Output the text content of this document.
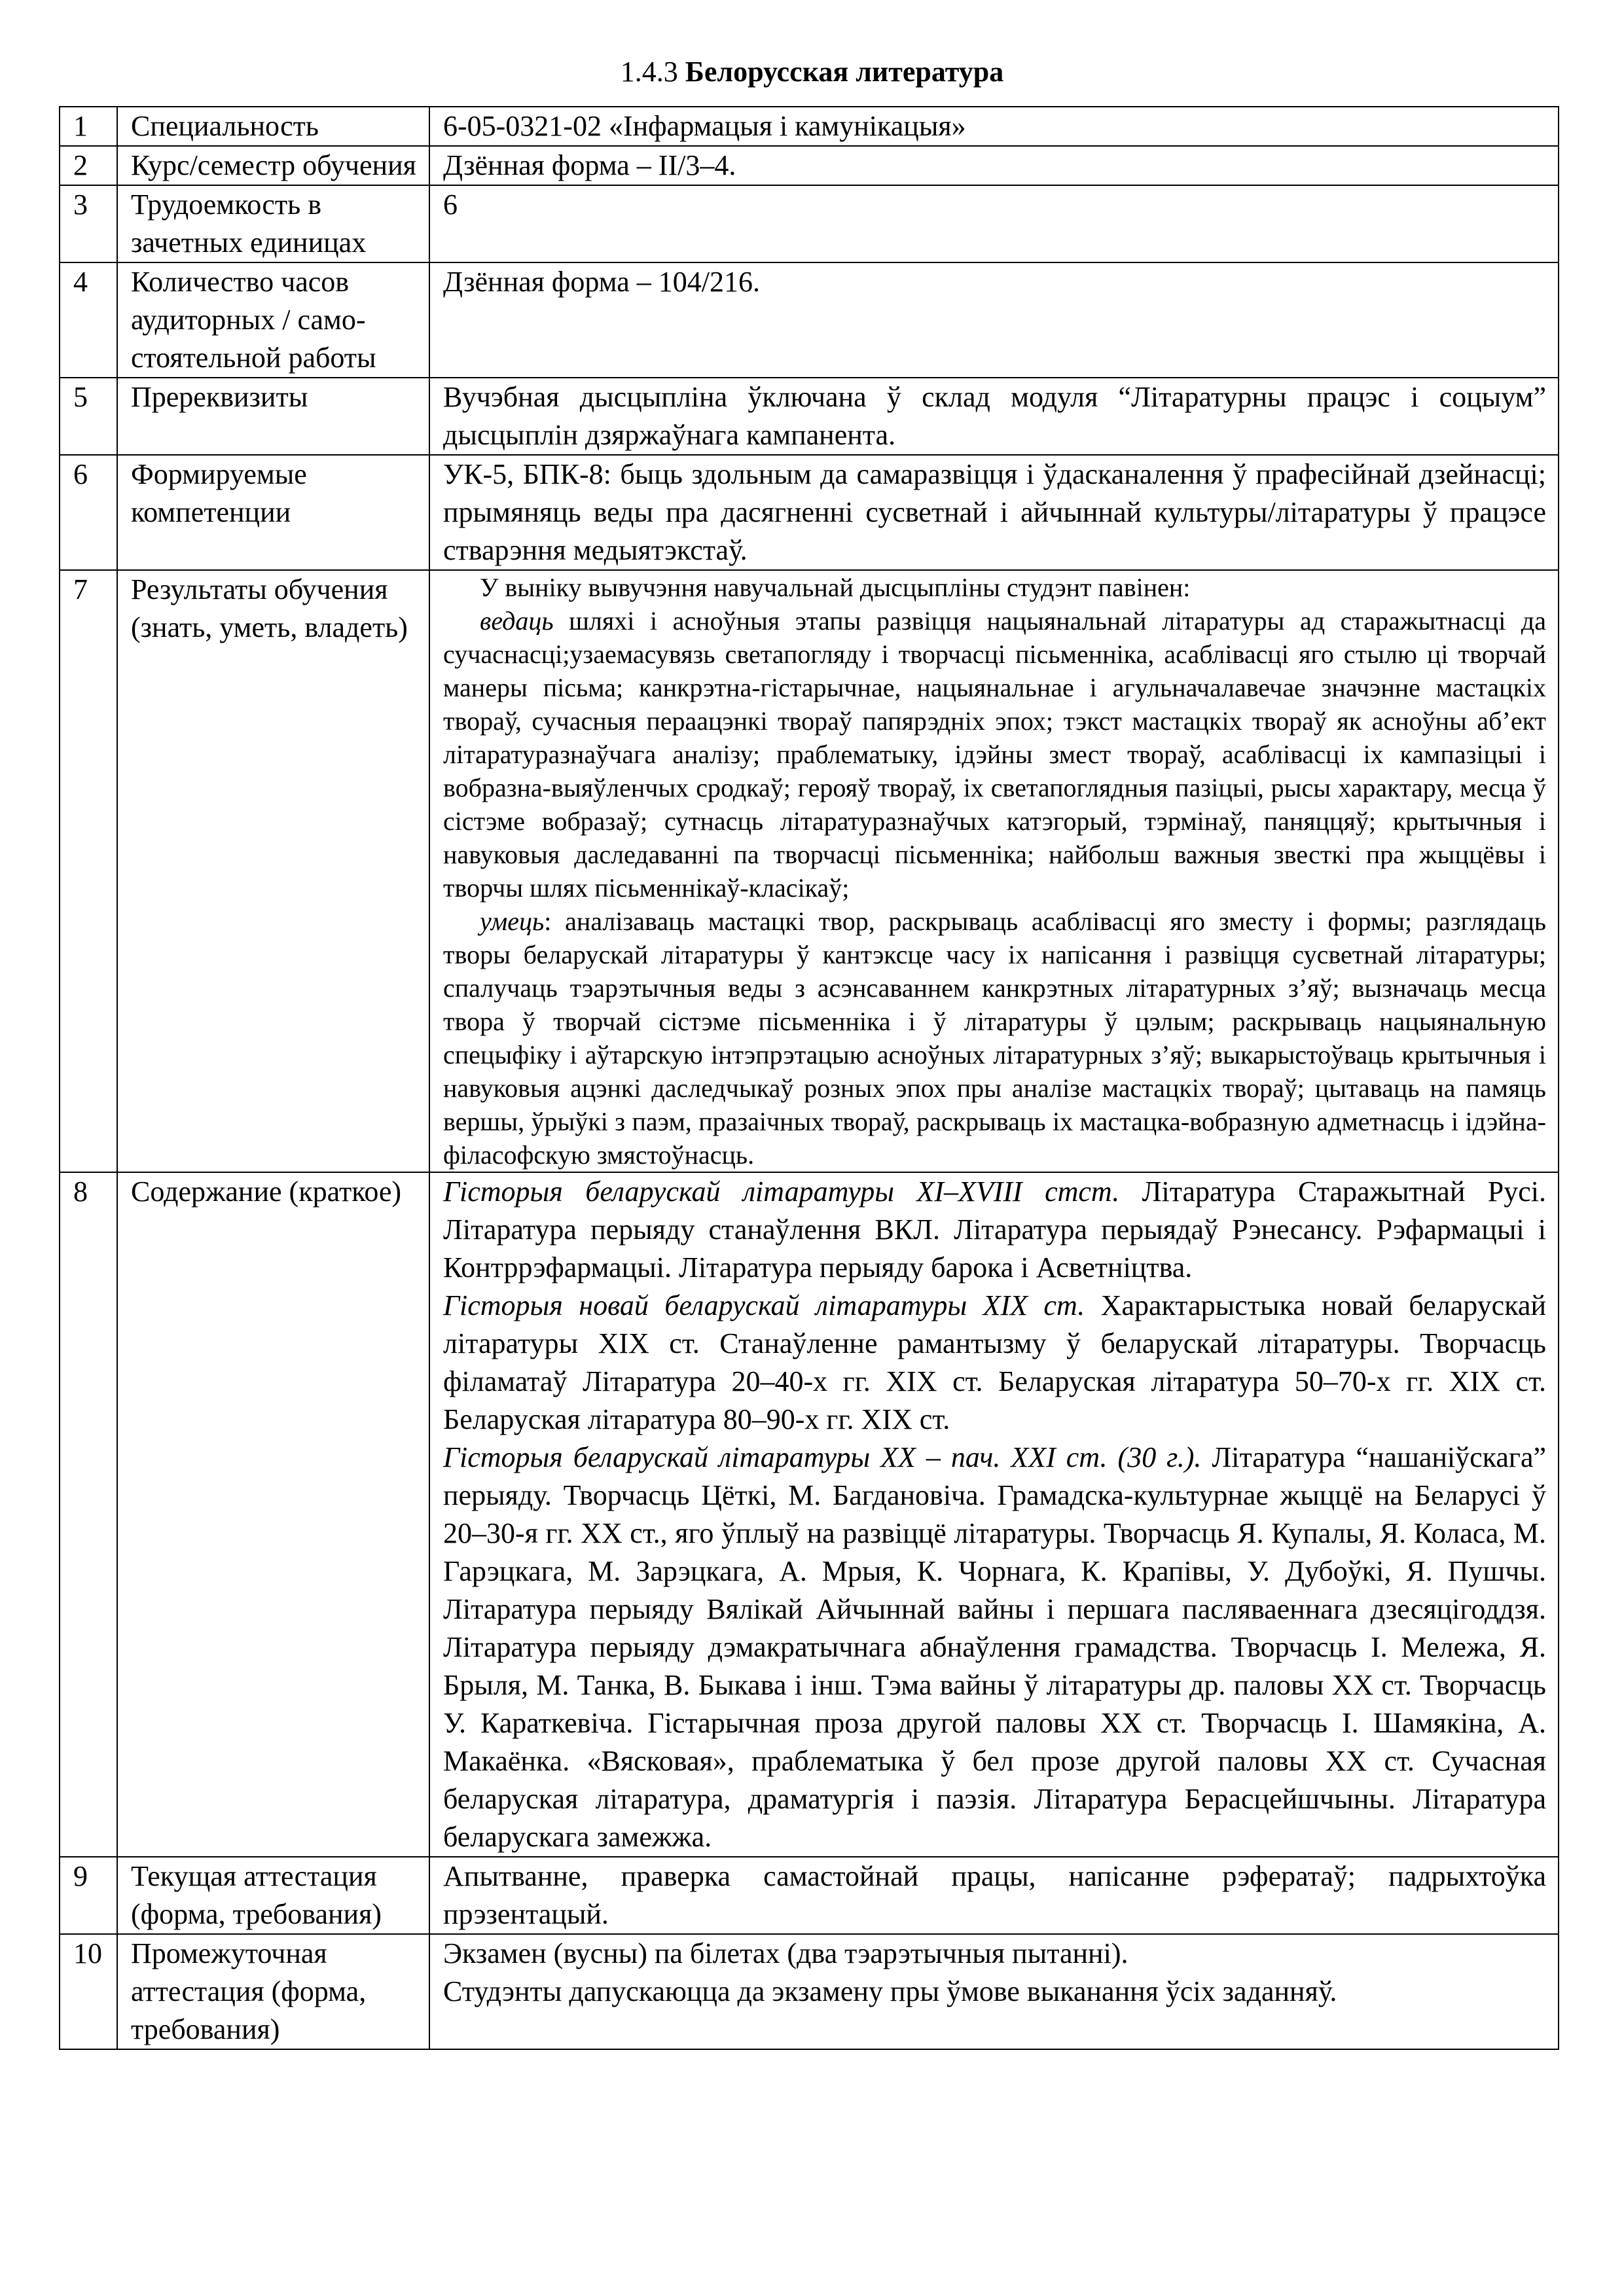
1.4.3 Белорусская литература
1	Специальность	6-05-0321-02 «Інфармацыя і камунікацыя»
2	Курс/семестр обучения	Дзённая форма – II/3–4.
3	Трудоемкость в зачетных единицах	6
4	Количество часов аудиторных / само-стоятельной работы	Дзённая форма – 104/216.
5	Пререквизиты	Вучэбная дысцыпліна ўключана ў склад модуля “Літаратурны працэс і соцыум” дысцыплін дзяржаўнага кампанента.
6	Формируемые компетенции	УК-5, БПК-8: быць здольным да самаразвіцця і ўдасканалення ў прафесійнай дзейнасці; прымяняць веды пра дасягненні сусветнай і айчыннай культуры/літаратуры ў працэсе стварэння медыятэкстаў.
7	Результаты обучения (знать, уметь, владеть)	У выніку вывучэння навучальнай дысцыпліны студэнт павінен:

ведаць шляхі і асноўныя этапы развіцця нацыянальнай літаратуры ад старажытнасці да сучаснасці;узаемасувязь светапогляду і творчасці пісьменніка, асаблівасці яго стылю ці творчай манеры пісьма; канкрэтна-гістарычнае, нацыянальнае і агульначалавечае значэнне мастацкіх твораў, сучасныя пераацэнкі твораў папярэдніх эпох; тэкст мастацкіх твораў як асноўны аб’ект літаратуразнаўчага аналізу; праблематыку, ідэйны змест твораў, асаблівасці іх кампазіцыі і вобразна-выяўленчых сродкаў; герояў твораў, іх светапоглядныя пазіцыі, рысы характару, месца ў сістэме вобразаў; сутнасць літаратуразнаўчых катэгорый, тэрмінаў, паняццяў; крытычныя і навуковыя даследаванні па творчасці пісьменніка; найбольш важныя звесткі пра жыццёвы і творчы шлях пісьменнікаў-класікаў;

умець: аналізаваць мастацкі твор, раскрываць асаблівасці яго зместу і формы; разглядаць творы беларускай літаратуры ў кантэксце часу іх напісання і развіцця сусветнай літаратуры; спалучаць тэарэтычныя веды з асэнсаваннем канкрэтных літаратурных з’яў; вызначаць месца твора ў творчай сістэме пісьменніка і ў літаратуры ў цэлым; раскрываць нацыянальную спецыфіку і аўтарскую інтэпрэтацыю асноўных літаратурных з’яў; выкарыстоўваць крытычныя і навуковыя ацэнкі даследчыкаў розных эпох пры аналізе мастацкіх твораў; цытаваць на памяць вершы, ўрыўкі з паэм, празаічных твораў, раскрываць іх мастацка-вобразную адметнасць і ідэйна-філасофскую змястоўнасць.

8	Содержание (краткое)	Гісторыя беларускай літаратуры XI–XVIII стст. Літаратура Старажытнай Русі. Літаратура перыяду станаўлення ВКЛ. Літаратура перыядаў Рэнесансу. Рэфармацыі і Контррэфармацыі. Літаратура перыяду барока і Асветніцтва.

Гісторыя новай беларускай літаратуры XIX ст. Характарыстыка новай беларускай літаратуры XIX ст. Станаўленне рамантызму ў беларускай літаратуры. Творчасць філаматаў Літаратура 20–40-х гг. XIX ст. Беларуская літаратура 50–70-х гг. XIX ст. Беларуская літаратура 80–90-х гг. XIX ст.

Гісторыя беларускай літаратуры XX – пач. XXI ст. (30 г.). Літаратура “нашаніўскага” перыяду. Творчасць Цёткі, М. Багдановіча. Грамадска-культурнае жыццё на Беларусі ў 20–30-я гг. XX ст., яго ўплыў на развіццё літаратуры. Творчасць Я. Купалы, Я. Коласа, М. Гарэцкага, М. Зарэцкага, А. Мрыя, К. Чорнага, К. Крапівы, У. Дубоўкі, Я. Пушчы. Літаратура перыяду Вялікай Айчыннай вайны і першага пасляваеннага дзесяцігоддзя. Літаратура перыяду дэмакратычнага абнаўлення грамадства. Творчасць І. Мележа, Я. Брыля, М. Танка, В. Быкава і інш. Тэма вайны ў літаратуры др. паловы XX ст. Творчасць У. Караткевіча. Гістарычная проза другой паловы XX ст. Творчасць І. Шамякіна, А. Макаёнка. «Вясковая», праблематыка ў бел прозе другой паловы XX ст. Сучасная беларуская літаратура, драматургія і паэзія. Літаратура Берасцейшчыны. Літаратура беларускага замежжа.

9	Текущая аттестация (форма, требования)	Апытванне, праверка самастойнай працы, напісанне рэфератаў; падрыхтоўка прэзентацый.
10	Промежуточная аттестация (форма, требования)	Экзамен (вусны) па білетах (два тэарэтычныя пытанні).

Студэнты дапускаюцца да экзамену пры ўмове выканання ўсіх заданняў.
